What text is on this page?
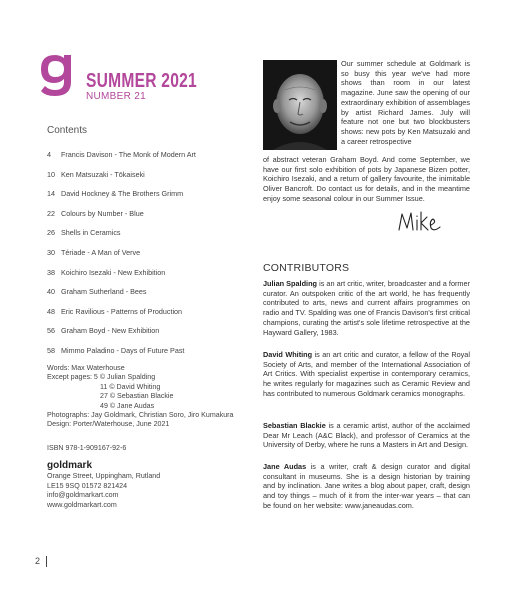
SUMMER 2021
NUMBER 21
Contents
4	Francis Davison - The Monk of Modern Art
10 Ken Matsuzaki - Tōkaiseki
14 David Hockney & The Brothers Grimm
22 Colours by Number - Blue
26 Shells in Ceramics
30 Tériade - A Man of Verve
38 Koichiro Isezaki - New Exhibition
40 Graham Sutherland - Bees
48 Eric Ravilious - Patterns of Production
56 Graham Boyd - New Exhibition
58 Mimmo Paladino - Days of Future Past
Words: Max Waterhouse
Except pages: 5 © Julian Spalding
11 © David Whiting
27 © Sebastian Blackie
49 © Jane Audas
Photographs: Jay Goldmark, Christian Soro, Jiro Kumakura
Design: Porter/Waterhouse, June 2021
ISBN 978-1-909167-92-6
goldmark
Orange Street, Uppingham, Rutland
LE15 9SQ 01572 821424
info@goldmarkart.com
www.goldmarkart.com
2
Our summer schedule at Goldmark is so busy this year we've had more shows than room in our latest magazine. June saw the opening of our extraordinary exhibition of assemblages by artist Richard James. July will feature not one but two blockbusters shows: new pots by Ken Matsuzaki and a career retrospective
of abstract veteran Graham Boyd. And come September, we have our first solo exhibition of pots by Japanese Bizen potter, Koichiro Isezaki, and a return of gallery favourite, the inimitable Oliver Bancroft. Do contact us for details, and in the meantime enjoy some seasonal colour in our Summer Issue.
CONTRIBUTORS
Julian Spalding is an art critic, writer, broadcaster and a former curator. An outspoken critic of the art world, he has frequently contributed to arts, news and current affairs programmes on radio and TV. Spalding was one of Francis Davison's first critical champions, curating the artist's sole lifetime retrospective at the Hayward Gallery, 1983.
David Whiting is an art critic and curator, a fellow of the Royal Society of Arts, and member of the International Association of Art Critics. With specialist expertise in contemporary ceramics, he writes regularly for magazines such as Ceramic Review and has contributed to numerous Goldmark ceramics monographs.
Sebastian Blackie is a ceramic artist, author of the acclaimed Dear Mr Leach (A&C Black), and professor of Ceramics at the University of Derby, where he runs a Masters in Art and Design.
Jane Audas is a writer, craft & design curator and digital consultant in museums. She is a design historian by training and by inclination. Jane writes a blog about paper, craft, design and toy things – much of it from the inter-war years – that can be found on her website: www.janeaudas.com.
